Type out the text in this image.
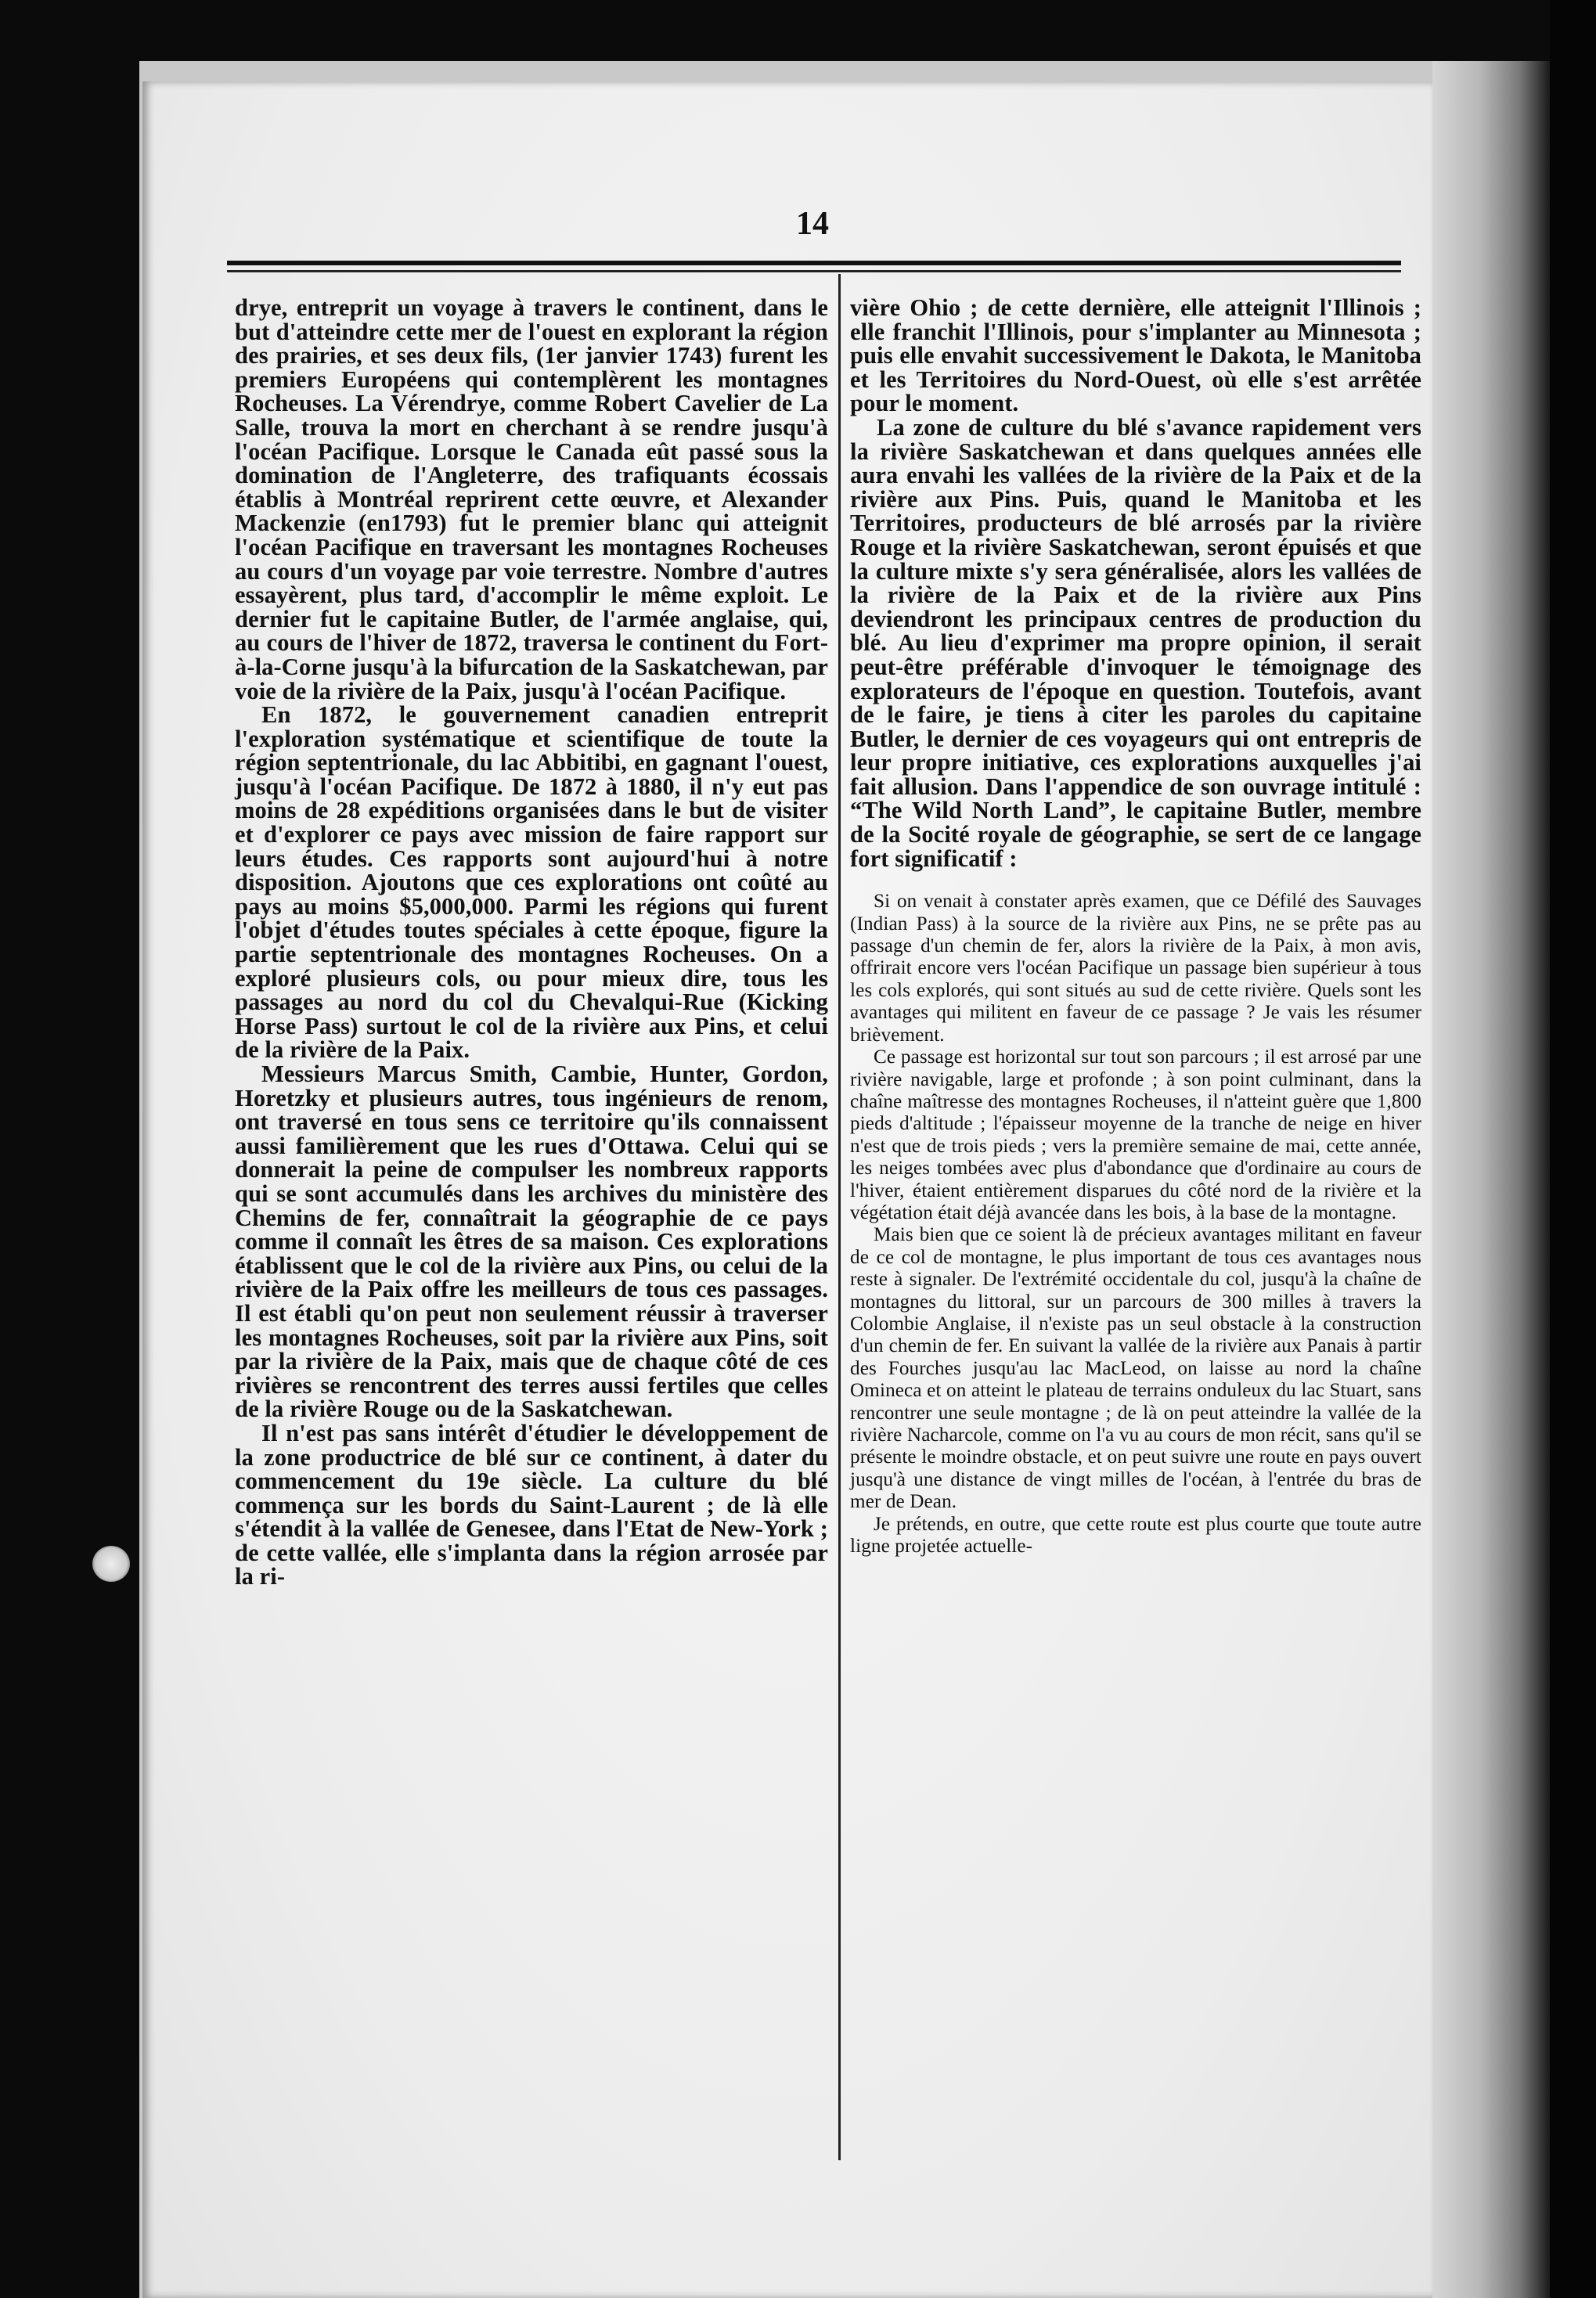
14

drye, entreprit un voyage à travers le continent, dans le but d'atteindre cette mer de l'ouest en explorant la région des prairies, et ses deux fils, (1er janvier 1743) furent les premiers Européens qui contemplèrent les montagnes Rocheuses. La Vérendrye, comme Robert Cavelier de La Salle, trouva la mort en cherchant à se rendre jusqu'à l'océan Pacifique. Lorsque le Canada eût passé sous la domination de l'Angleterre, des trafiquants écossais établis à Montréal reprirent cette œuvre, et Alexander Mackenzie (en1793) fut le premier blanc qui atteignit l'océan Pacifique en traversant les montagnes Rocheuses au cours d'un voyage par voie terrestre. Nombre d'autres essayèrent, plus tard, d'accomplir le même exploit. Le dernier fut le capitaine Butler, de l'armée anglaise, qui, au cours de l'hiver de 1872, traversa le continent du Fort-à-la-Corne jusqu'à la bifurcation de la Saskatchewan, par voie de la rivière de la Paix, jusqu'à l'océan Pacifique.

En 1872, le gouvernement canadien entreprit l'exploration systématique et scientifique de toute la région septentrionale, du lac Abbitibi, en gagnant l'ouest, jusqu'à l'océan Pacifique. De 1872 à 1880, il n'y eut pas moins de 28 expéditions organisées dans le but de visiter et d'explorer ce pays avec mission de faire rapport sur leurs études. Ces rapports sont aujourd'hui à notre disposition. Ajoutons que ces explorations ont coûté au pays au moins $5,000,000. Parmi les régions qui furent l'objet d'études toutes spéciales à cette époque, figure la partie septentrionale des montagnes Rocheuses. On a exploré plusieurs cols, ou pour mieux dire, tous les passages au nord du col du Chevalqui-Rue (Kicking Horse Pass) surtout le col de la rivière aux Pins, et celui de la rivière de la Paix.

Messieurs Marcus Smith, Cambie, Hunter, Gordon, Horetzky et plusieurs autres, tous ingénieurs de renom, ont traversé en tous sens ce territoire qu'ils connaissent aussi familièrement que les rues d'Ottawa. Celui qui se donnerait la peine de compulser les nombreux rapports qui se sont accumulés dans les archives du ministère des Chemins de fer, connaîtrait la géographie de ce pays comme il connaît les êtres de sa maison. Ces explorations établissent que le col de la rivière aux Pins, ou celui de la rivière de la Paix offre les meilleurs de tous ces passages. Il est établi qu'on peut non seulement réussir à traverser les montagnes Rocheuses, soit par la rivière aux Pins, soit par la rivière de la Paix, mais que de chaque côté de ces rivières se rencontrent des terres aussi fertiles que celles de la rivière Rouge ou de la Saskatchewan.

Il n'est pas sans intérêt d'étudier le développement de la zone productrice de blé sur ce continent, à dater du commencement du 19e siècle. La culture du blé commença sur les bords du Saint-Laurent ; de là elle s'étendit à la vallée de Genesee, dans l'Etat de New-York ; de cette vallée, elle s'implanta dans la région arrosée par la ri-

vière Ohio ; de cette dernière, elle atteignit l'Illinois ; elle franchit l'Illinois, pour s'implanter au Minnesota ; puis elle envahit successivement le Dakota, le Manitoba et les Territoires du Nord-Ouest, où elle s'est arrêtée pour le moment.

La zone de culture du blé s'avance rapidement vers la rivière Saskatchewan et dans quelques années elle aura envahi les vallées de la rivière de la Paix et de la rivière aux Pins. Puis, quand le Manitoba et les Territoires, producteurs de blé arrosés par la rivière Rouge et la rivière Saskatchewan, seront épuisés et que la culture mixte s'y sera généralisée, alors les vallées de la rivière de la Paix et de la rivière aux Pins deviendront les principaux centres de production du blé. Au lieu d'exprimer ma propre opinion, il serait peut-être préférable d'invoquer le témoignage des explorateurs de l'époque en question. Toutefois, avant de le faire, je tiens à citer les paroles du capitaine Butler, le dernier de ces voyageurs qui ont entrepris de leur propre initiative, ces explorations auxquelles j'ai fait allusion. Dans l'appendice de son ouvrage intitulé : “The Wild North Land”, le capitaine Butler, membre de la Socité royale de géographie, se sert de ce langage fort significatif :

Si on venait à constater après examen, que ce Défilé des Sauvages (Indian Pass) à la source de la rivière aux Pins, ne se prête pas au passage d'un chemin de fer, alors la rivière de la Paix, à mon avis, offrirait encore vers l'océan Pacifique un passage bien supérieur à tous les cols explorés, qui sont situés au sud de cette rivière. Quels sont les avantages qui militent en faveur de ce passage ? Je vais les résumer brièvement.

Ce passage est horizontal sur tout son parcours ; il est arrosé par une rivière navigable, large et profonde ; à son point culminant, dans la chaîne maîtresse des montagnes Rocheuses, il n'atteint guère que 1,800 pieds d'altitude ; l'épaisseur moyenne de la tranche de neige en hiver n'est que de trois pieds ; vers la première semaine de mai, cette année, les neiges tombées avec plus d'abondance que d'ordinaire au cours de l'hiver, étaient entièrement disparues du côté nord de la rivière et la végétation était déjà avancée dans les bois, à la base de la montagne.

Mais bien que ce soient là de précieux avantages militant en faveur de ce col de montagne, le plus important de tous ces avantages nous reste à signaler. De l'extrémité occidentale du col, jusqu'à la chaîne de montagnes du littoral, sur un parcours de 300 milles à travers la Colombie Anglaise, il n'existe pas un seul obstacle à la construction d'un chemin de fer. En suivant la vallée de la rivière aux Panais à partir des Fourches jusqu'au lac MacLeod, on laisse au nord la chaîne Omineca et on atteint le plateau de terrains onduleux du lac Stuart, sans rencontrer une seule montagne ; de là on peut atteindre la vallée de la rivière Nacharcole, comme on l'a vu au cours de mon récit, sans qu'il se présente le moindre obstacle, et on peut suivre une route en pays ouvert jusqu'à une distance de vingt milles de l'océan, à l'entrée du bras de mer de Dean.

Je prétends, en outre, que cette route est plus courte que toute autre ligne projetée actuelle-
